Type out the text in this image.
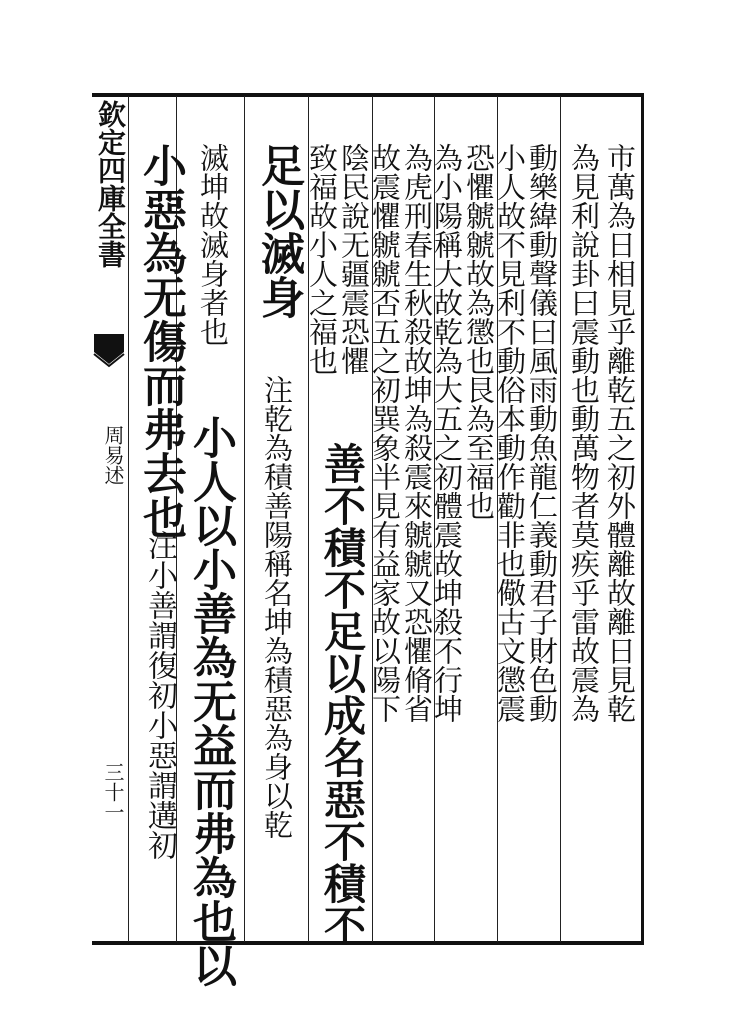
欽定四庫全書
周易述
三十一
市萬為日相見乎離乾五之初外體離故離日見乾
為見利說卦曰震動也動萬物者莫疾乎雷故震為
動樂緯動聲儀曰風雨動魚龍仁義動君子財色動
小人故不見利不動俗本動作勸非也儆古文懲震
恐懼虩虩故為懲也艮為至福也
為小陽稱大故乾為大五之初體震故坤殺不行坤
為虎刑春生秋殺故坤為殺震來虩虩又恐懼脩省
故震懼虩虩否五之初巽象半見有益家故以陽下
陰民說无疆震恐懼
致福故小人之福也
善不積不足以成名惡不積不
足以滅身
注乾為積善陽稱名坤為積惡為身以乾
滅坤故滅身者也
小人以小善為无益而弗為也以
小惡為无傷而弗去也
注小善謂復初小惡謂遘初
